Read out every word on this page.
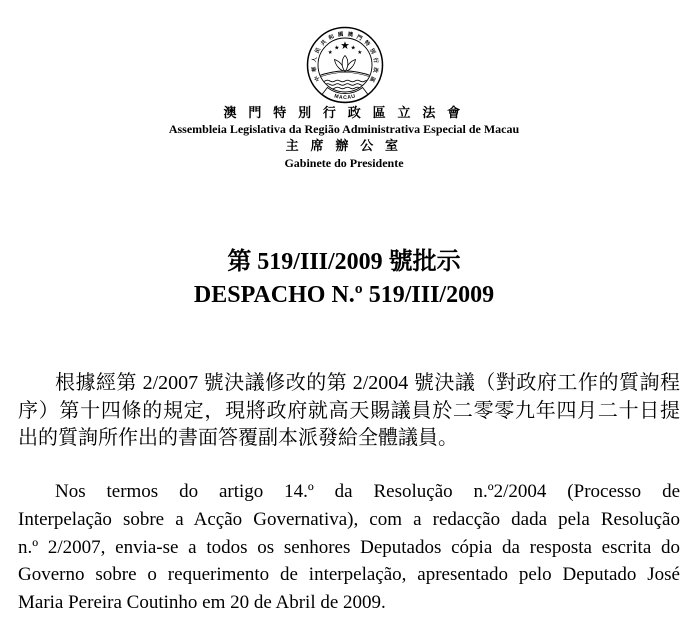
中華人民共和國澳門特別行政區
MACAU
澳 門 特 別 行 政 區 立 法 會
Assembleia Legislativa da Região Administrativa Especial de Macau
主 席 辦 公 室
Gabinete do Presidente
第 519/III/2009 號批示
DESPACHO N.º 519/III/2009
根據經第 2/2007 號決議修改的第 2/2004 號決議（對政府工作的質詢程
序）第十四條的規定，現將政府就高天賜議員於二零零九年四月二十日提
出的質詢所作出的書面答覆副本派發給全體議員。
Nos termos do artigo 14.º da Resolução n.º2/2004 (Processo de
Interpelação sobre a Acção Governativa), com a redacção dada pela Resolução
n.º 2/2007, envia-se a todos os senhores Deputados cópia da resposta escrita do
Governo sobre o requerimento de interpelação, apresentado pelo Deputado José
Maria Pereira Coutinho em 20 de Abril de 2009.
